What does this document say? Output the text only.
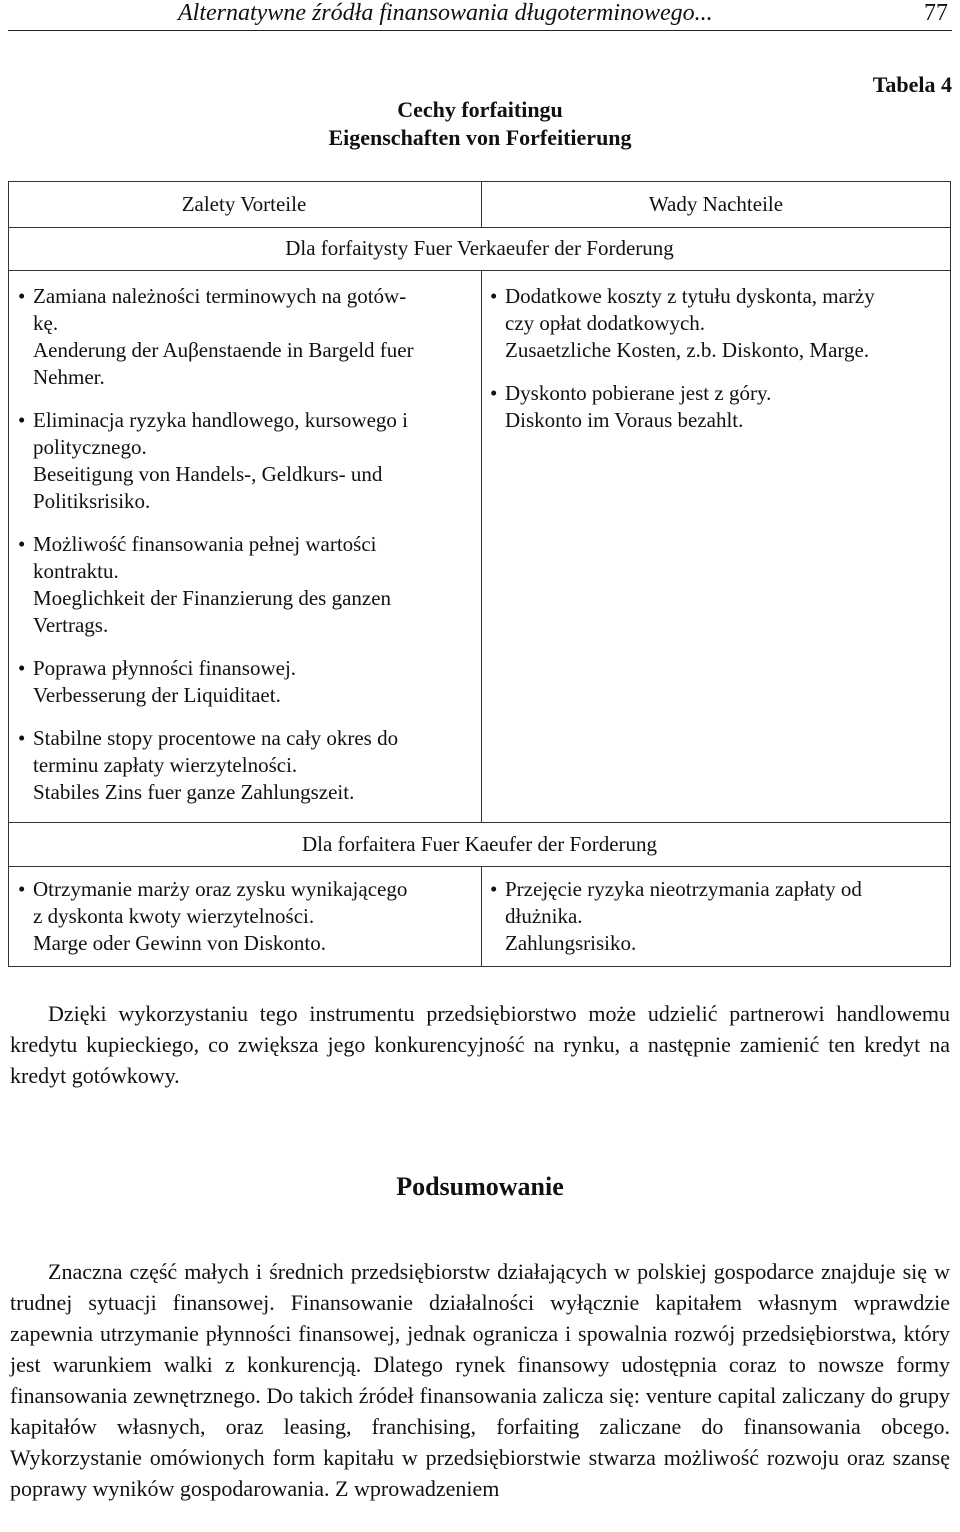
Alternatywne źródła finansowania długoterminowego...	77
Tabela 4
Cechy forfaitingu
Eigenschaften von Forfeitierung
Zalety Vorteile	Wady Nachteile
Dla forfaitysty Fuer Verkaeufer der Forderung
• Zamiana należności terminowych na gotów-
kę.
Aenderung der Auβenstaende in Bargeld fuer
Nehmer.
• Eliminacja ryzyka handlowego, kursowego i
politycznego.
Beseitigung von Handels-, Geldkurs- und
Politiksrisiko.
• Możliwość finansowania pełnej wartości
kontraktu.
Moeglichkeit der Finanzierung des ganzen
Vertrags.
• Poprawa płynności finansowej.
Verbesserung der Liquiditaet.
• Stabilne stopy procentowe na cały okres do
terminu zapłaty wierzytelności.
Stabiles Zins fuer ganze Zahlungszeit.
• Dodatkowe koszty z tytułu dyskonta, marży
czy opłat dodatkowych.
Zusaetzliche Kosten, z.b. Diskonto, Marge.
• Dyskonto pobierane jest z góry.
Diskonto im Voraus bezahlt.
Dla forfaitera Fuer Kaeufer der Forderung
• Otrzymanie marży oraz zysku wynikającego
z dyskonta kwoty wierzytelności.
Marge oder Gewinn von Diskonto.
• Przejęcie ryzyka nieotrzymania zapłaty od
dłużnika.
Zahlungsrisiko.

Dzięki wykorzystaniu tego instrumentu przedsiębiorstwo może udzielić partnerowi handlowemu kredytu kupieckiego, co zwiększa jego konkurencyjność na rynku, a następnie zamienić ten kredyt na kredyt gotówkowy.

Podsumowanie

Znaczna część małych i średnich przedsiębiorstw działających w polskiej gospodarce znajduje się w trudnej sytuacji finansowej. Finansowanie działalności wyłącznie kapitałem własnym wprawdzie zapewnia utrzymanie płynności finansowej, jednak ogranicza i spowalnia rozwój przedsiębiorstwa, który jest warunkiem walki z konkurencją. Dlatego rynek finansowy udostępnia coraz to nowsze formy finansowania zewnętrznego. Do takich źródeł finansowania zalicza się: venture capital zaliczany do grupy kapitałów własnych, oraz leasing, franchising, forfaiting zaliczane do finansowania obcego. Wykorzystanie omówionych form kapitału w przedsiębiorstwie stwarza możliwość rozwoju oraz szansę poprawy wyników gospodarowania. Z wprowadzeniem
